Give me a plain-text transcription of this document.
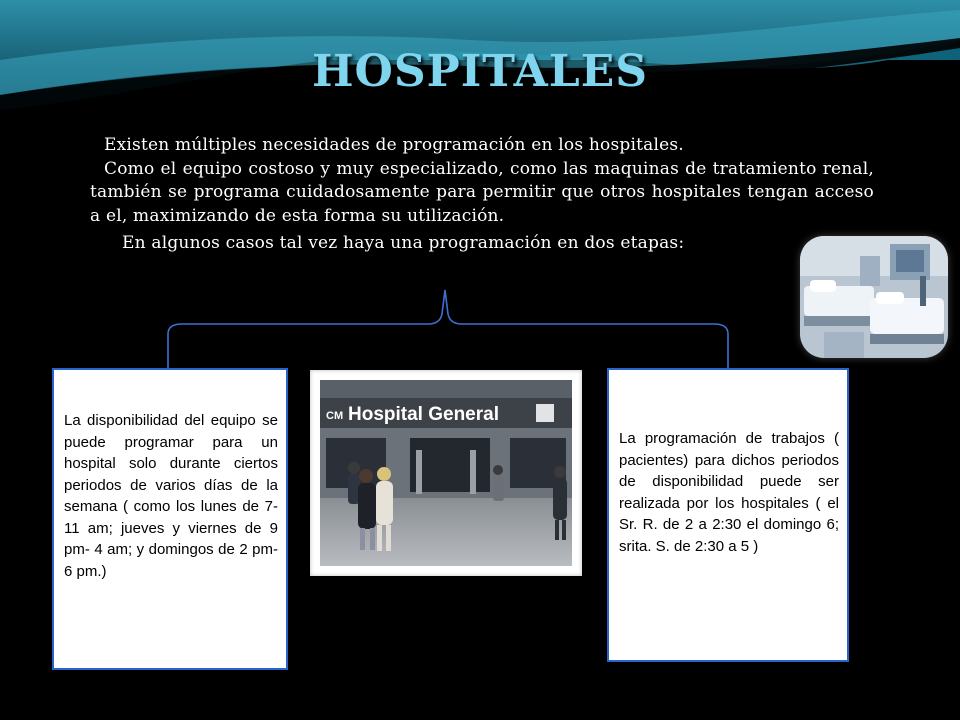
HOSPITALES

Existen múltiples necesidades de programación en los hospitales.

Como el equipo costoso y muy especializado, como las maquinas de tratamiento renal, también se programa cuidadosamente para permitir que otros hospitales tengan acceso a el, maximizando de esta forma su utilización.

En algunos casos tal vez haya una programación en dos etapas:

La disponibilidad del equipo se puede programar para un hospital solo durante ciertos periodos de varios días de la semana ( como los lunes de 7- 11 am; jueves y viernes de 9 pm- 4 am; y domingos de 2 pm- 6 pm.)
CM Hospital General
La programación de trabajos ( pacientes) para dichos periodos de disponibilidad puede ser realizada por los hospitales ( el Sr. R. de 2 a 2:30 el domingo 6; srita. S. de 2:30 a 5 )
